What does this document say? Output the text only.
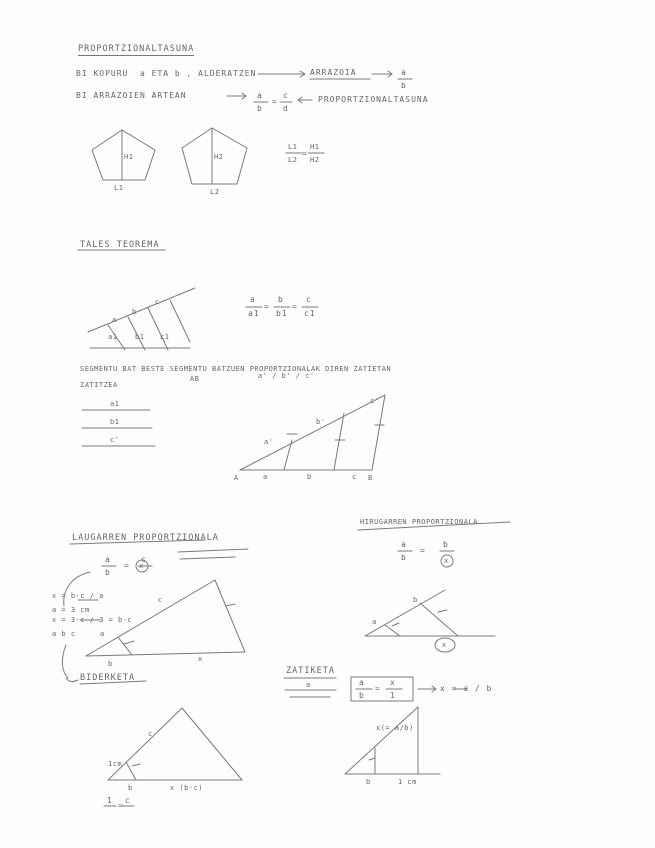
PROPORTZIONALTASUNA
BI KOPURU a ETA b , ALDERATZEN	ARRAZOIA	a
b
BI ARRAZOIEN ARTEAN	a
b
=
c
d
PROPORTZIONALTASUNA
H1
L1
H2
L2
L1
L2
=
H1
H2
TALES TEOREMA
a
b
c
a1	b1 c1
a
a1
=
b
b1
=
c
c1
SEGMENTU BAT BESTE SEGMENTU BATZUEN PROPORTZIONALAK DIREN ZATIETAN
AB	a' / b' / c'
ZATITZEA
a1
b1
c'
A	B
a	b	c
a'
b'
c'
LAUGARREN PROPORTZIONALA
a
b
=
c
x
x = b·c / a
a = 3 cm
x = 3·c / 3 = b·c
a b c	a
b
c
x
HIRUGARREN PROPORTZIONALA
a
b
=
b
x
a
b
x
BIDERKETA
1cm
c
b	x (b·c)
1
=
c
ZATIKETA
a	a
b
=
x
1
x = a / b
x(= a/b)
b	1 cm
